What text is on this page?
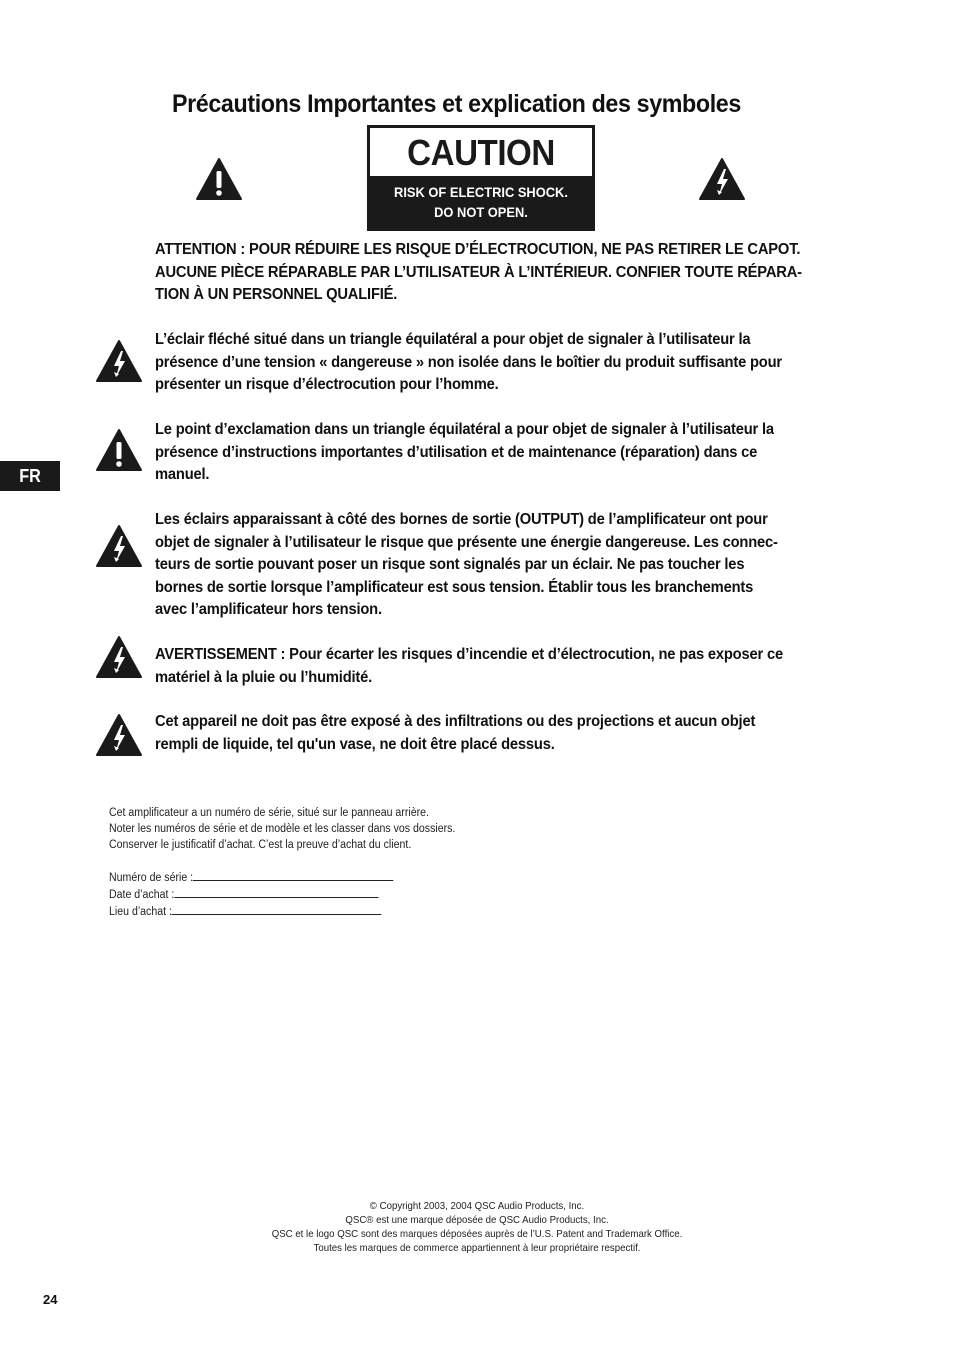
Précautions Importantes et explication des symboles
CAUTION
RISK OF ELECTRIC SHOCK.
DO NOT OPEN.
ATTENTION : POUR RÉDUIRE LES RISQUE D’ÉLECTROCUTION, NE PAS RETIRER LE CAPOT.
AUCUNE PIÈCE RÉPARABLE PAR L’UTILISATEUR À L’INTÉRIEUR. CONFIER TOUTE RÉPARA-
TION À UN PERSONNEL QUALIFIÉ.
L’éclair fléché situé dans un triangle équilatéral a pour objet de signaler à l’utilisateur la
présence d’une tension « dangereuse » non isolée dans le boîtier du produit suffisante pour
présenter un risque d’électrocution pour l’homme.
Le point d’exclamation dans un triangle équilatéral a pour objet de signaler à l’utilisateur la
présence d’instructions importantes d’utilisation et de maintenance (réparation) dans ce
manuel.
FR
Les éclairs apparaissant à côté des bornes de sortie (OUTPUT) de l’amplificateur ont pour
objet de signaler à l’utilisateur le risque que présente une énergie dangereuse. Les connec-
teurs de sortie pouvant poser un risque sont signalés par un éclair. Ne pas toucher les
bornes de sortie lorsque l’amplificateur est sous tension. Établir tous les branchements
avec l’amplificateur hors tension.
AVERTISSEMENT : Pour écarter les risques d’incendie et d’électrocution, ne pas exposer ce
matériel à la pluie ou l’humidité.
Cet appareil ne doit pas être exposé à des infiltrations ou des projections et aucun objet
rempli de liquide, tel qu'un vase, ne doit être placé dessus.
Cet amplificateur a un numéro de série, situé sur le panneau arrière.
Noter les numéros de série et de modèle et les classer dans vos dossiers.
Conserver le justificatif d’achat. C’est la preuve d’achat du client.
Numéro de série :
Date d’achat :
Lieu d’achat :
© Copyright 2003, 2004 QSC Audio Products, Inc.
QSC® est une marque déposée de QSC Audio Products, Inc.
QSC et le logo QSC sont des marques déposées auprès de l’U.S. Patent and Trademark Office.
Toutes les marques de commerce appartiennent à leur propriétaire respectif.
24
